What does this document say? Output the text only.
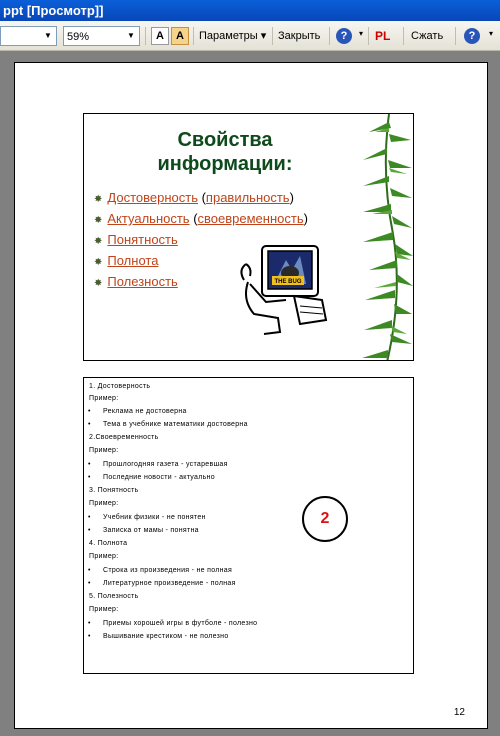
ppt [Просмотр]]
▼	59%	▼	A	A	Параметры ▾ Закрыть	?	▾ PL Сжать	?	▾
Свойства
информации:
✸ Достоверность (правильность)
✸ Актуальность (своевременность)
✸ Понятность
✸ Полнота
✸ Полезность	THE BUG
1. Достоверность
Пример:
• Реклама не достоверна
• Тема в учебнике математики достоверна
2.Своевременность
Пример:
• Прошлогодняя газета - устаревшая
• Последние новости - актуально
3. Понятность
Пример:
• Учебник физики - не понятен
• Записка от мамы - понятна
4. Полнота
Пример:
• Строка из произведения - не полная
• Литературное произведение - полная
5. Полезность
Пример:
• Приемы хорошей игры в футболе - полезно
• Вышивание крестиком - не полезно
2
12
